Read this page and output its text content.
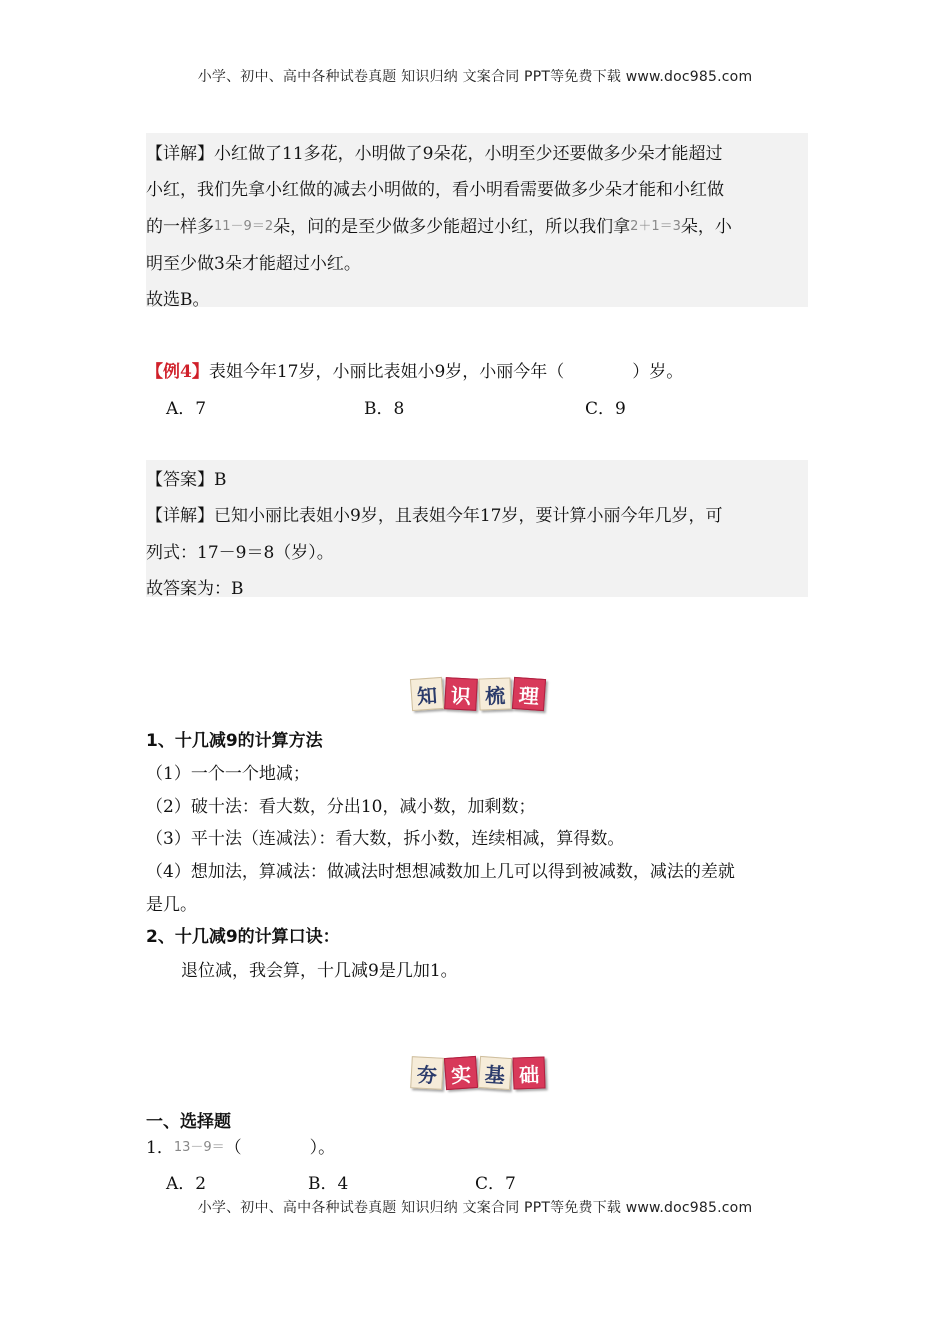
小学、初中、高中各种试卷真题 知识归纳 文案合同 PPT等免费下载 www.doc985.com
【详解】小红做了11多花，小明做了9朵花，小明至少还要做多少朵才能超过
小红，我们先拿小红做的减去小明做的，看小明看需要做多少朵才能和小红做
的一样多11－9＝2朵，问的是至少做多少能超过小红，所以我们拿2＋1＝3朵，小
明至少做3朵才能超过小红。
故选B。
【例4】表姐今年17岁，小丽比表姐小9岁，小丽今年（　　　　）岁。
A．7	B．8	C．9
【答案】B
【详解】已知小丽比表姐小9岁，且表姐今年17岁，要计算小丽今年几岁，可
列式：17－9＝8（岁）。
故答案为：B
知 识 梳 理
1、十几减9的计算方法
（1）一个一个地减；
（2）破十法：看大数，分出10，减小数，加剩数；
（3）平十法（连减法）：看大数，拆小数，连续相减，算得数。
（4）想加法，算减法：做减法时想想减数加上几可以得到被减数，减法的差就
是几。
2、十几减9的计算口诀：
退位减，我会算，十几减9是几加1。
夯 实 基 础
一、选择题
1．13－9＝（　　　　）。
A．2	B．4	C．7
小学、初中、高中各种试卷真题 知识归纳 文案合同 PPT等免费下载 www.doc985.com
